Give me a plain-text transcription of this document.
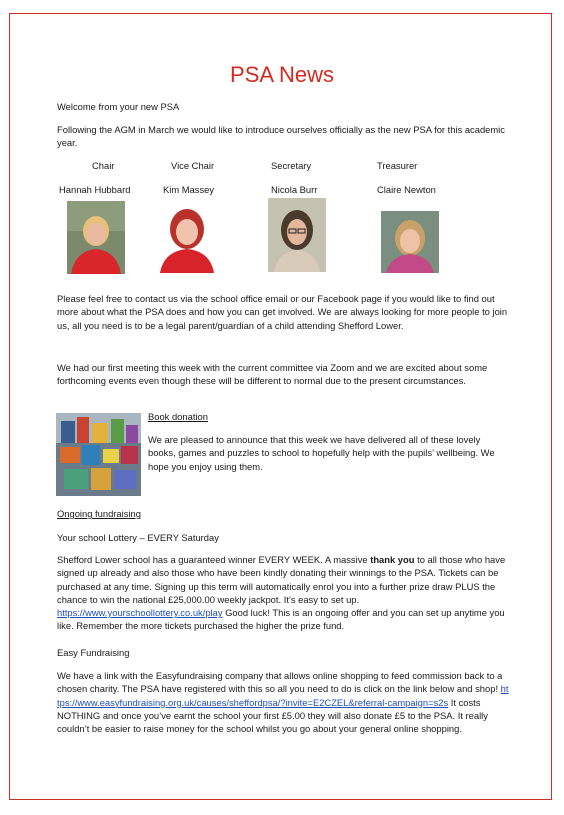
PSA News
Welcome from your new PSA
Following the AGM in March we would like to introduce ourselves officially as the new PSA for this academic year.
Chair	Vice Chair	Secretary	Treasurer
Hannah Hubbard	Kim Massey	Nicola Burr	Claire Newton
Please feel free to contact us via the school office email or our Facebook page if you would like to find out more about what the PSA does and how you can get involved. We are always looking for more people to join us, all you need is to be a legal parent/guardian of a child attending Shefford Lower.
We had our first meeting this week with the current committee via Zoom and we are excited about some forthcoming events even though these will be different to normal due to the present circumstances.
Book donation
We are pleased to announce that this week we have delivered all of these lovely books, games and puzzles to school to hopefully help with the pupils’ wellbeing. We hope you enjoy using them.
Ongoing fundraising
Your school Lottery – EVERY Saturday
Shefford Lower school has a guaranteed winner EVERY WEEK. A massive thank you to all those who have signed up already and also those who have been kindly donating their winnings to the PSA. Tickets can be purchased at any time. Signing up this term will automatically enrol you into a further prize draw PLUS the chance to win the national £25,000.00 weekly jackpot. It’s easy to set up. https://www.yourschoollottery.co.uk/play Good luck! This is an ongoing offer and you can set up anytime you like. Remember the more tickets purchased the higher the prize fund.
Easy Fundraising
We have a link with the Easyfundraising company that allows online shopping to feed commission back to a chosen charity. The PSA have registered with this so all you need to do is click on the link below and shop! https://www.easyfundraising.org.uk/causes/sheffordpsa/?invite=E2CZEL&referral-campaign=s2s It costs NOTHING and once you’ve earnt the school your first £5.00 they will also donate £5 to the PSA. It really couldn’t be easier to raise money for the school whilst you go about your general online shopping.
